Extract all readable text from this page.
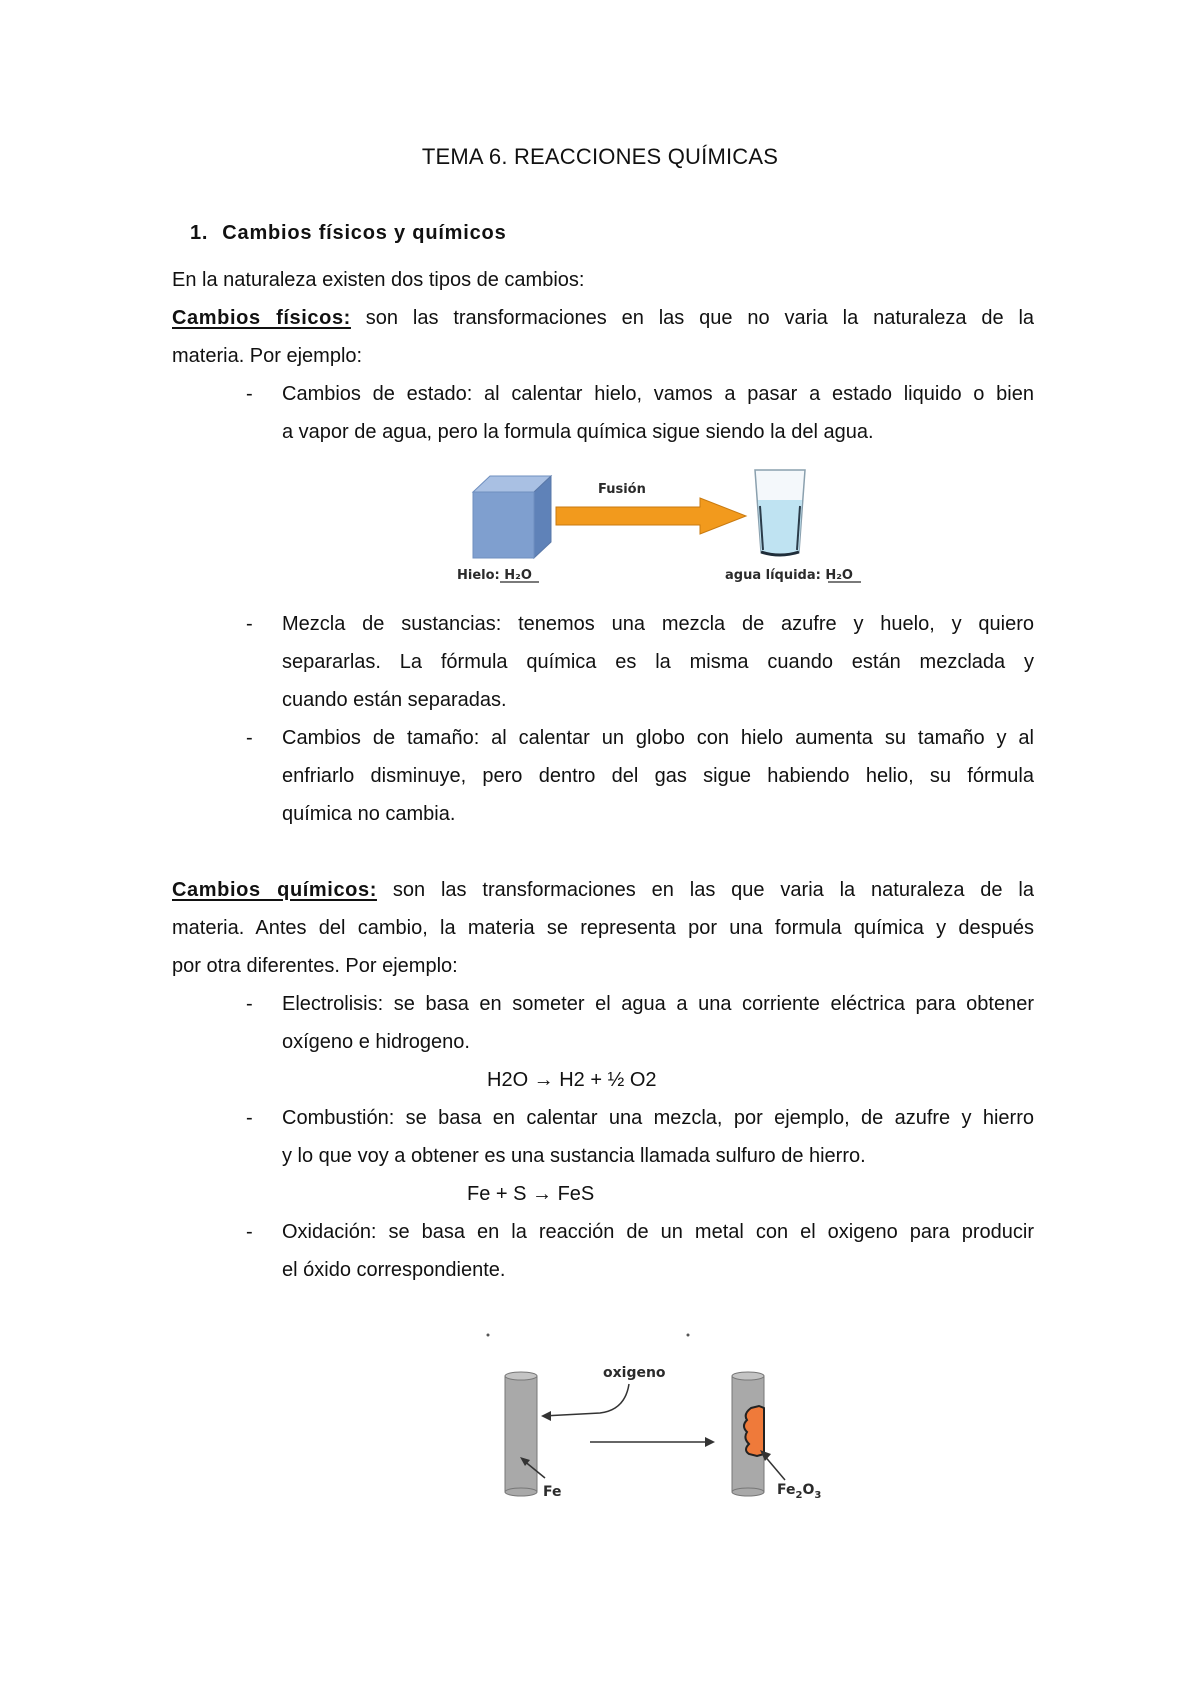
TEMA 6. REACCIONES QUÍMICAS
1. Cambios físicos y químicos
En la naturaleza existen dos tipos de cambios:
Cambios físicos: son las transformaciones en las que no varia la naturaleza de la
materia. Por ejemplo:
- Cambios de estado: al calentar hielo, vamos a pasar a estado liquido o bien
a vapor de agua, pero la formula química sigue siendo la del agua.
Fusión
Hielo: H₂O	agua líquida: H₂O
- Mezcla de sustancias: tenemos una mezcla de azufre y huelo, y quiero
separarlas. La fórmula química es la misma cuando están mezclada y
cuando están separadas.
- Cambios de tamaño: al calentar un globo con hielo aumenta su tamaño y al
enfriarlo disminuye, pero dentro del gas sigue habiendo helio, su fórmula
química no cambia.
Cambios químicos: son las transformaciones en las que varia la naturaleza de la
materia. Antes del cambio, la materia se representa por una formula química y después
por otra diferentes. Por ejemplo:
- Electrolisis: se basa en someter el agua a una corriente eléctrica para obtener
oxígeno e hidrogeno.
H2O → H2 + ½ O2
- Combustión: se basa en calentar una mezcla, por ejemplo, de azufre y hierro
y lo que voy a obtener es una sustancia llamada sulfuro de hierro.
Fe + S → FeS
- Oxidación: se basa en la reacción de un metal con el oxigeno para producir
el óxido correspondiente.
oxigeno
Fe	$Fe_2O_3$
